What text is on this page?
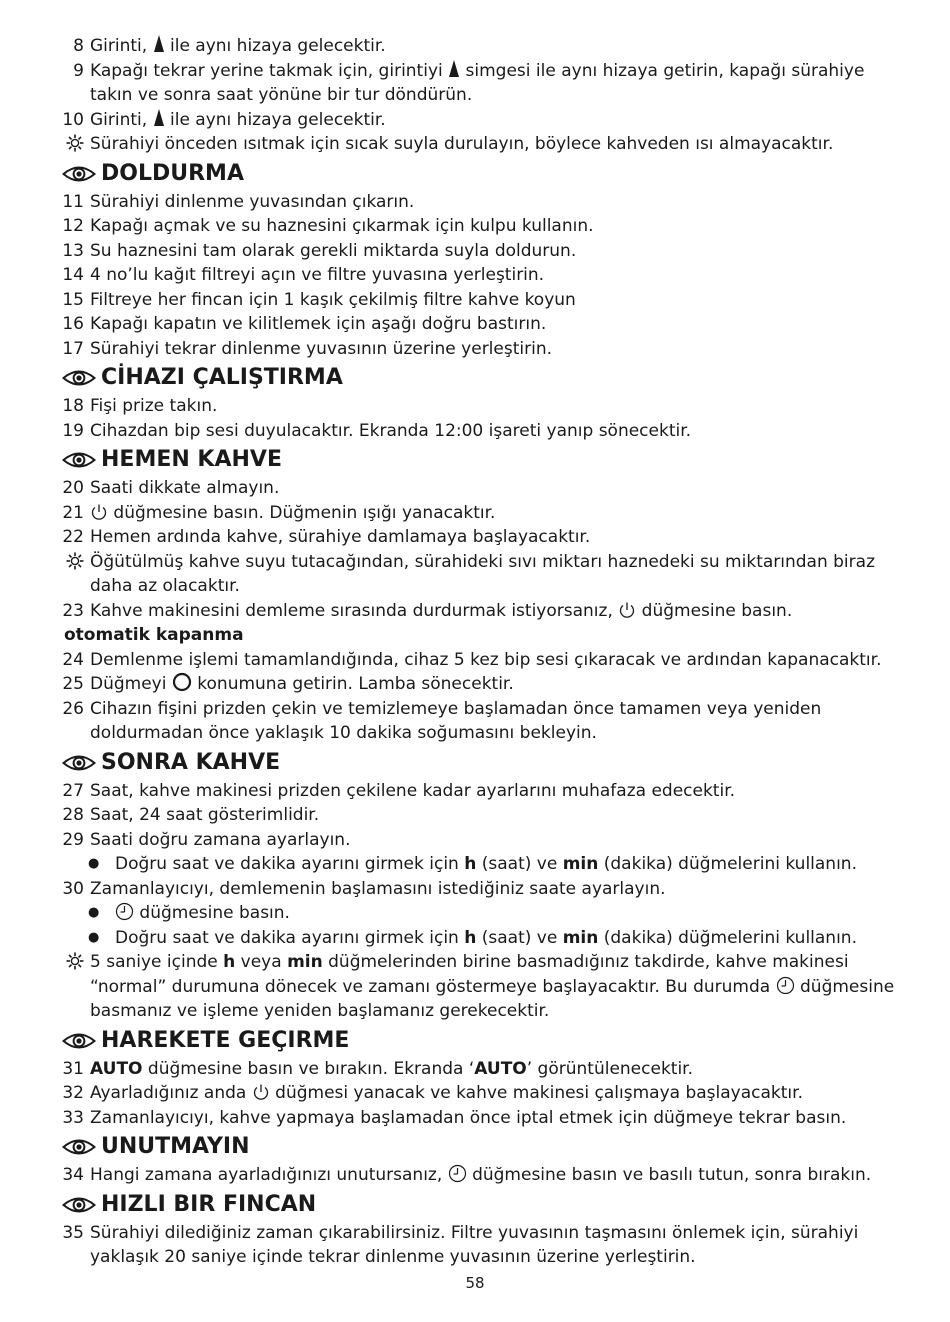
8 Girinti,  ile aynı hizaya gelecektir.
9 Kapağı tekrar yerine takmak için, girintiyi  simgesi ile aynı hizaya getirin, kapağı sürahiye takın ve sonra saat yönüne bir tur döndürün.
10 Girinti,  ile aynı hizaya gelecektir.
Sürahiyi önceden ısıtmak için sıcak suyla durulayın, böylece kahveden ısı almayacaktır.
DOLDURMA
11 Sürahiyi dinlenme yuvasından çıkarın.
12 Kapağı açmak ve su haznesini çıkarmak için kulpu kullanın.
13 Su haznesini tam olarak gerekli miktarda suyla doldurun.
14 4 no’lu kağıt filtreyi açın ve filtre yuvasına yerleştirin.
15 Filtreye her fincan için 1 kaşık çekilmiş filtre kahve koyun
16 Kapağı kapatın ve kilitlemek için aşağı doğru bastırın.
17 Sürahiyi tekrar dinlenme yuvasının üzerine yerleştirin.
CİHAZI ÇALIŞTIRMA
18 Fişi prize takın.
19 Cihazdan bip sesi duyulacaktır. Ekranda 12:00 işareti yanıp sönecektir.
HEMEN KAHVE
20 Saati dikkate almayın.
21 düğmesine basın. Düğmenin ışığı yanacaktır.
22 Hemen ardında kahve, sürahiye damlamaya başlayacaktır.
Öğütülmüş kahve suyu tutacağından, sürahideki sıvı miktarı haznedeki su miktarından biraz daha az olacaktır.
23 Kahve makinesini demleme sırasında durdurmak istiyorsanız,  düğmesine basın.
otomatik kapanma
24 Demlenme işlemi tamamlandığında, cihaz 5 kez bip sesi çıkaracak ve ardından kapanacaktır.
25 Düğmeyi  konumuna getirin. Lamba sönecektir.
26 Cihazın fişini prizden çekin ve temizlemeye başlamadan önce tamamen veya yeniden doldurmadan önce yaklaşık 10 dakika soğumasını bekleyin.
SONRA KAHVE
27 Saat, kahve makinesi prizden çekilene kadar ayarlarını muhafaza edecektir.
28 Saat, 24 saat gösterimlidir.
29 Saati doğru zamana ayarlayın.
● Doğru saat ve dakika ayarını girmek için h (saat) ve min (dakika) düğmelerini kullanın.
30 Zamanlayıcıyı, demlemenin başlamasını istediğiniz saate ayarlayın.
● düğmesine basın.
● Doğru saat ve dakika ayarını girmek için h (saat) ve min (dakika) düğmelerini kullanın.
5 saniye içinde h veya min düğmelerinden birine basmadığınız takdirde, kahve makinesi “normal” durumuna dönecek ve zamanı göstermeye başlayacaktır. Bu durumda  düğmesine basmanız ve işleme yeniden başlamanız gerekecektir.
HAREKETE GEÇIRME
31 AUTO düğmesine basın ve bırakın. Ekranda ‘AUTO’ görüntülenecektir.
32 Ayarladığınız anda  düğmesi yanacak ve kahve makinesi çalışmaya başlayacaktır.
33 Zamanlayıcıyı, kahve yapmaya başlamadan önce iptal etmek için düğmeye tekrar basın.
UNUTMAYIN
34 Hangi zamana ayarladığınızı unutursanız,  düğmesine basın ve basılı tutun, sonra bırakın.
HIZLI BIR FINCAN
35 Sürahiyi dilediğiniz zaman çıkarabilirsiniz. Filtre yuvasının taşmasını önlemek için, sürahiyi yaklaşık 20 saniye içinde tekrar dinlenme yuvasının üzerine yerleştirin.
58
